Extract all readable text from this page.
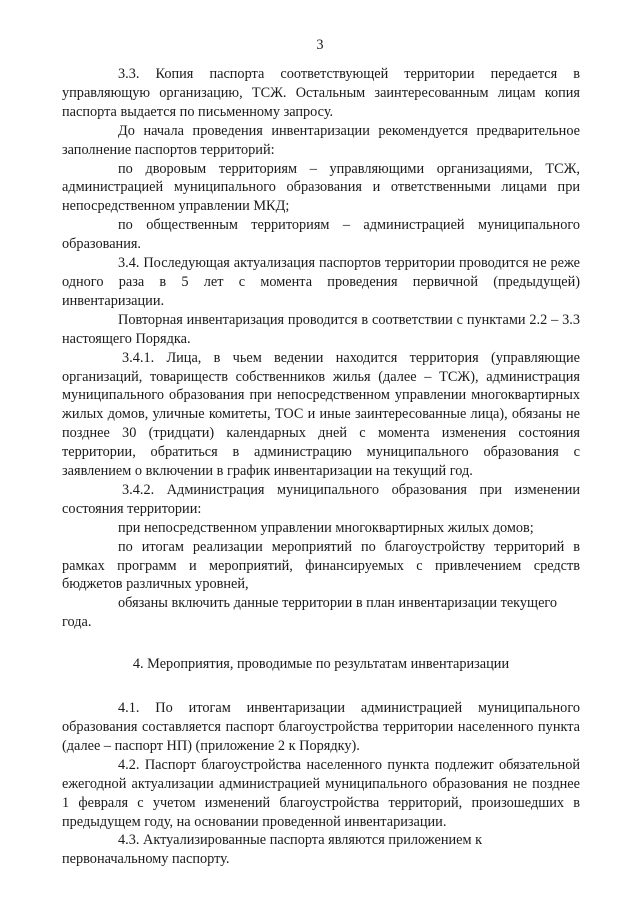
3

3.3. Копия паспорта соответствующей территории передается в управляющую организацию, ТСЖ. Остальным заинтересованным лицам копия паспорта выдается по письменному запросу.

До начала проведения инвентаризации рекомендуется предварительное заполнение паспортов территорий:

по дворовым территориям – управляющими организациями, ТСЖ, администрацией муниципального образования и ответственными лицами при непосредственном управлении МКД;

по общественным территориям – администрацией муниципального образования.

3.4. Последующая актуализация паспортов территории проводится не реже одного раза в 5 лет с момента проведения первичной (предыдущей) инвентаризации.

Повторная инвентаризация проводится в соответствии с пунктами 2.2 – 3.3 настоящего Порядка.

3.4.1. Лица, в чьем ведении находится территория (управляющие организаций, товариществ собственников жилья (далее – ТСЖ), администрация муниципального образования при непосредственном управлении многоквартирных жилых домов, уличные комитеты, ТОС и иные заинтересованные лица), обязаны не позднее 30 (тридцати) календарных дней с момента изменения состояния территории, обратиться в администрацию муниципального образования с заявлением о включении в график инвентаризации на текущий год.

3.4.2. Администрация муниципального образования при изменении состояния территории:

при непосредственном управлении многоквартирных жилых домов;

по итогам реализации мероприятий по благоустройству территорий в рамках программ и мероприятий, финансируемых с привлечением средств бюджетов различных уровней,

обязаны включить данные территории в план инвентаризации текущего года.

4. Мероприятия, проводимые по результатам инвентаризации

4.1. По итогам инвентаризации администрацией муниципального образования составляется паспорт благоустройства территории населенного пункта (далее – паспорт НП) (приложение 2 к Порядку).

4.2. Паспорт благоустройства населенного пункта подлежит обязательной ежегодной актуализации администрацией муниципального образования не позднее 1 февраля с учетом изменений благоустройства территорий, произошедших в предыдущем году, на основании проведенной инвентаризации.

4.3. Актуализированные паспорта являются приложением к первоначальному паспорту.
